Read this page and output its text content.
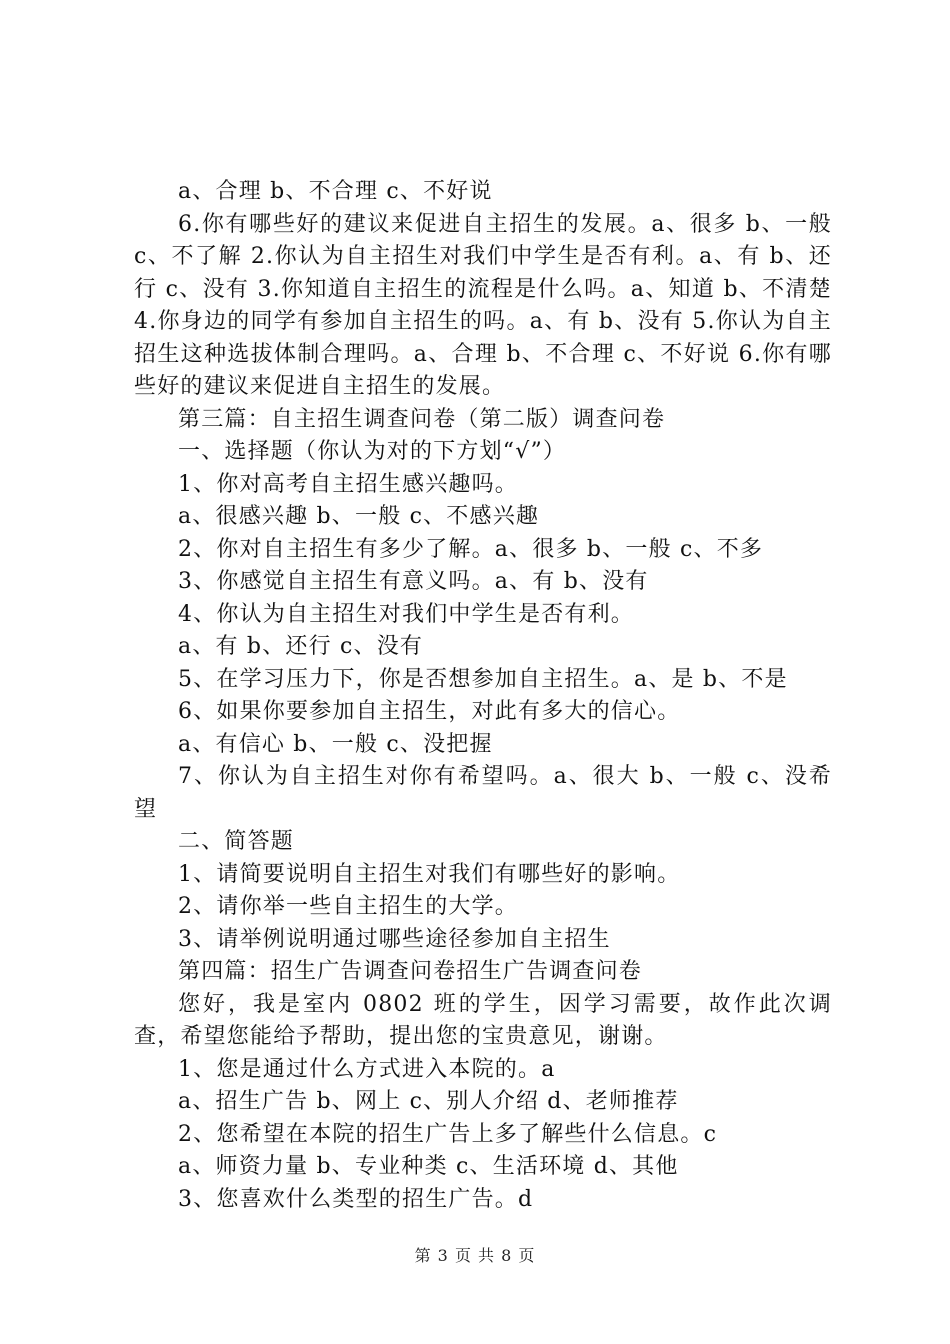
a、合理 b、不合理 c、不好说

6.你有哪些好的建议来促进自主招生的发展。a、很多 b、一般 c、不了解 2.你认为自主招生对我们中学生是否有利。a、有 b、还行 c、没有 3.你知道自主招生的流程是什么吗。a、知道 b、不清楚 4.你身边的同学有参加自主招生的吗。a、有 b、没有 5.你认为自主招生这种选拔体制合理吗。a、合理 b、不合理 c、不好说 6.你有哪些好的建议来促进自主招生的发展。

第三篇：自主招生调查问卷（第二版）调查问卷

一、选择题（你认为对的下方划“√”）

1、你对高考自主招生感兴趣吗。

a、很感兴趣 b、一般 c、不感兴趣

2、你对自主招生有多少了解。a、很多 b、一般 c、不多

3、你感觉自主招生有意义吗。a、有 b、没有

4、你认为自主招生对我们中学生是否有利。

a、有 b、还行 c、没有

5、在学习压力下，你是否想参加自主招生。a、是 b、不是

6、如果你要参加自主招生，对此有多大的信心。

a、有信心 b、一般 c、没把握

7、你认为自主招生对你有希望吗。a、很大 b、一般 c、没希望

二、简答题

1、请简要说明自主招生对我们有哪些好的影响。

2、请你举一些自主招生的大学。

3、请举例说明通过哪些途径参加自主招生

第四篇：招生广告调查问卷招生广告调查问卷

您好，我是室内 0802 班的学生，因学习需要，故作此次调查，希望您能给予帮助，提出您的宝贵意见，谢谢。

1、您是通过什么方式进入本院的。a

a、招生广告 b、网上 c、别人介绍 d、老师推荐

2、您希望在本院的招生广告上多了解些什么信息。c

a、师资力量 b、专业种类 c、生活环境 d、其他

3、您喜欢什么类型的招生广告。d

第 3 页 共 8 页
